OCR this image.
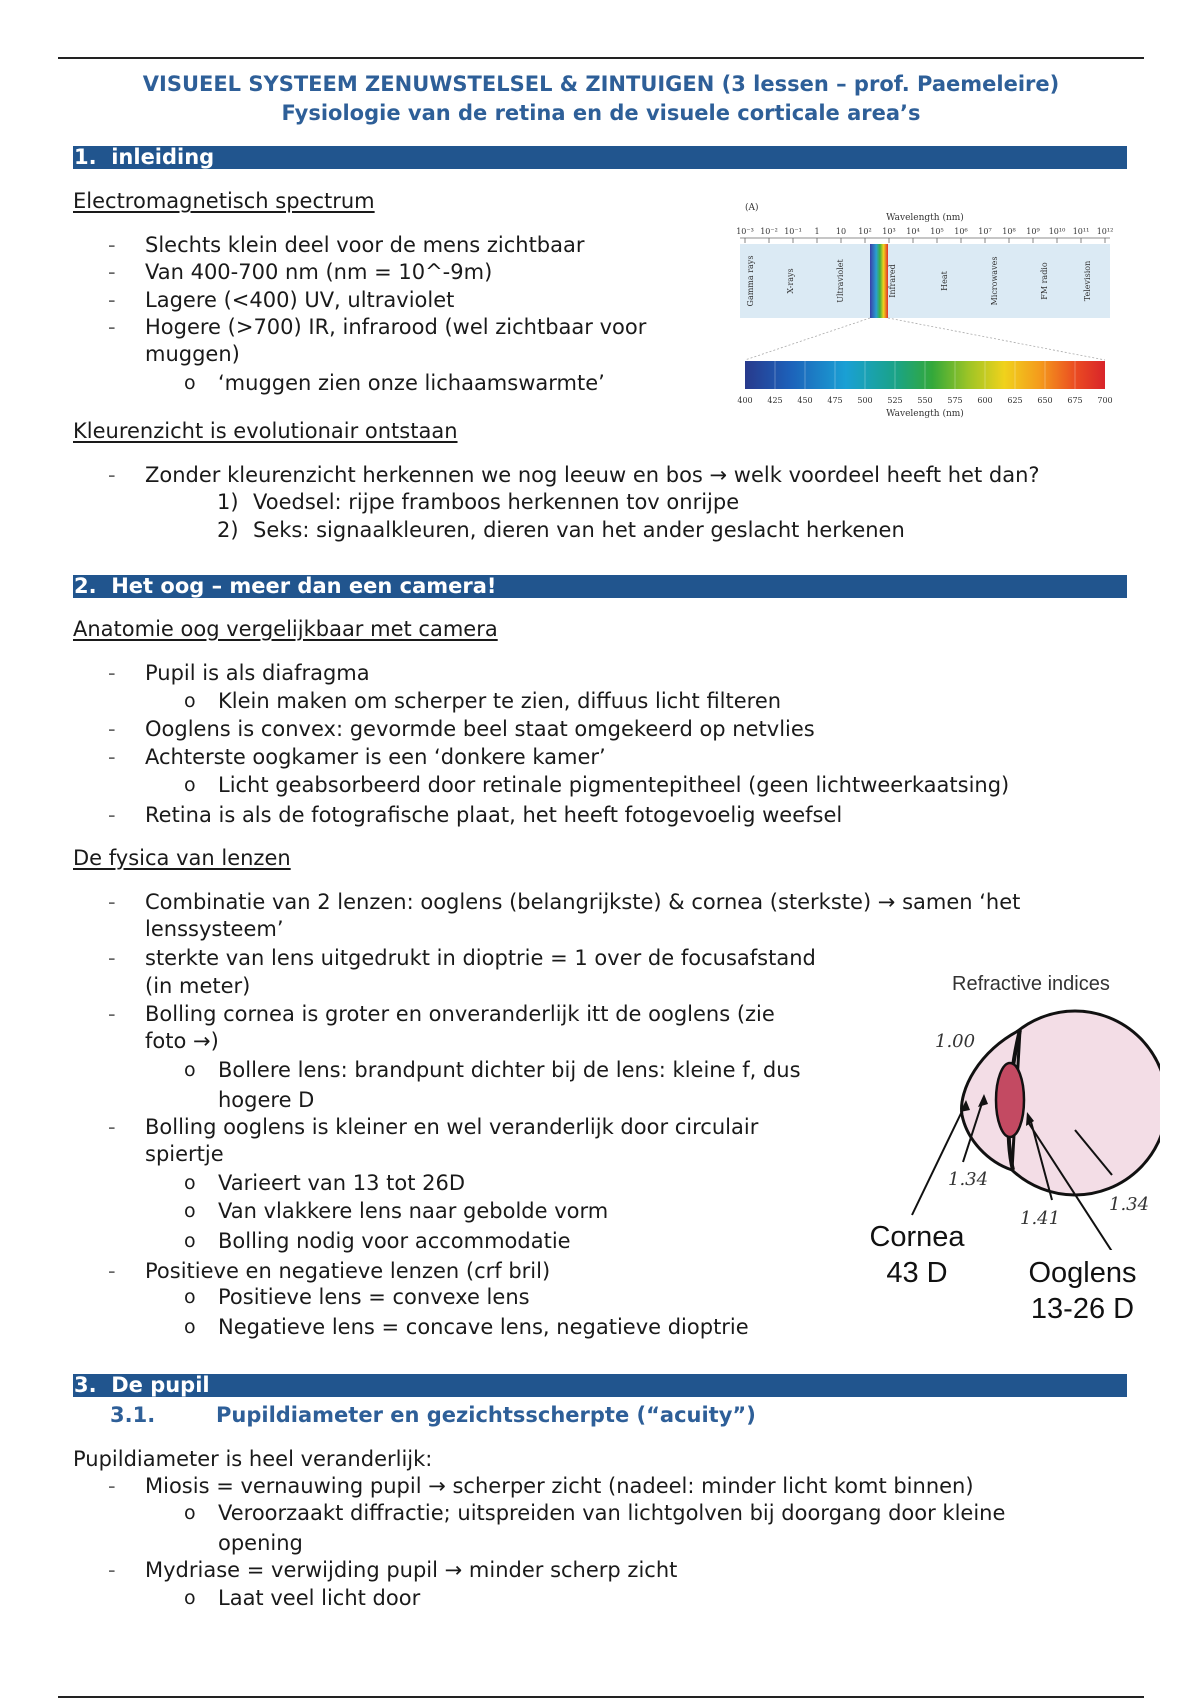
VISUEEL SYSTEEM ZENUWSTELSEL & ZINTUIGEN (3 lessen – prof. Paemeleire)
Fysiologie van de retina en de visuele corticale area’s
1. inleiding
Electromagnetisch spectrum
- Slechts klein deel voor de mens zichtbaar
- Van 400-700 nm (nm = 10^-9m)
- Lagere (<400) UV, ultraviolet
- Hogere (>700) IR, infrarood (wel zichtbaar voor
muggen)
o ‘muggen zien onze lichaamswarmte’
(A)
Wavelength (nm)
10⁻³ 10⁻² 10⁻¹ 1 10 10² 10³ 10⁴ 10⁵ 10⁶ 10⁷ 10⁸ 10⁹ 10¹⁰ 10¹¹ 10¹²
Gamma rays	X-rays	Ultraviolet	Infrared	Heat	Microwaves	FM radio	Television
400 425 450 475 500 525 550 575 600 625 650 675 700
Wavelength (nm)
Kleurenzicht is evolutionair ontstaan
- Zonder kleurenzicht herkennen we nog leeuw en bos → welk voordeel heeft het dan?
1) Voedsel: rijpe framboos herkennen tov onrijpe
2) Seks: signaalkleuren, dieren van het ander geslacht herkenen
2. Het oog – meer dan een camera!
Anatomie oog vergelijkbaar met camera
- Pupil is als diafragma
o Klein maken om scherper te zien, diffuus licht filteren
- Ooglens is convex: gevormde beel staat omgekeerd op netvlies
- Achterste oogkamer is een ‘donkere kamer’
o Licht geabsorbeerd door retinale pigmentepitheel (geen lichtweerkaatsing)
- Retina is als de fotografische plaat, het heeft fotogevoelig weefsel
De fysica van lenzen
- Combinatie van 2 lenzen: ooglens (belangrijkste) & cornea (sterkste) → samen ‘het
lenssysteem’
- sterkte van lens uitgedrukt in dioptrie = 1 over de focusafstand
(in meter)
- Bolling cornea is groter en onveranderlijk itt de ooglens (zie
foto →)
o Bollere lens: brandpunt dichter bij de lens: kleine f, dus
hogere D
- Bolling ooglens is kleiner en wel veranderlijk door circulair
spiertje
o Varieert van 13 tot 26D
o Van vlakkere lens naar gebolde vorm
o Bolling nodig voor accommodatie
- Positieve en negatieve lenzen (crf bril)
o Positieve lens = convexe lens
o Negatieve lens = concave lens, negatieve dioptrie
Refractive indices
1.00
1.34
1.41
1.34
Cornea
43 D	Ooglens
13-26 D
3. De pupil
3.1.	Pupildiameter en gezichtsscherpte (“acuity”)
Pupildiameter is heel veranderlijk:
- Miosis = vernauwing pupil → scherper zicht (nadeel: minder licht komt binnen)
o Veroorzaakt diffractie; uitspreiden van lichtgolven bij doorgang door kleine
opening
- Mydriase = verwijding pupil → minder scherp zicht
o Laat veel licht door
